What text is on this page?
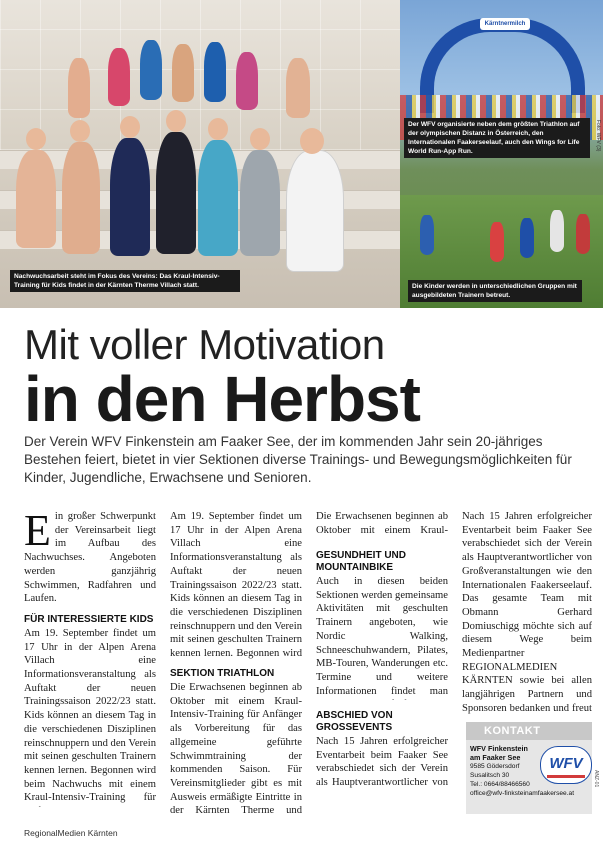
Nachwuchsarbeit steht im Fokus des Vereins: Das Kraul-Intensiv-Training für Kids findet in der Kärnten Therme Villach statt.
Kärntnermilch
Der WFV organisierte neben dem größten Triathlon auf der olympischen Distanz in Österreich, den Internationalen Faakerseelauf, auch den Wings for Life World Run-App Run.
Die Kinder werden in unterschiedlichen Gruppen mit ausgebildeten Trainern betreut.
Foto: WFV (3)
Mit voller Motivation
in den Herbst
Der Verein WFV Finkenstein am Faaker See, der im kommenden Jahr sein 20-jähriges Bestehen feiert, bietet in vier Sektionen diverse Trainings- und Bewegungsmöglichkeiten für Kinder, Jugendliche, Erwachsene und Senioren.

Ein großer Schwerpunkt der Vereinsarbeit liegt im Aufbau des Nachwuchses. Angeboten werden ganzjährig Schwimmen, Radfahren und Laufen.

FÜR INTERESSIERTE KIDS

Am 19. September findet um 17 Uhr in der Alpen Arena Villach eine Informationsveranstaltung als Auftakt der neuen Trainingssaison 2022/23 statt. Kids können an diesem Tag in die verschiedenen Disziplinen reinschnuppern und den Verein mit seinen geschulten Trainern kennen lernen. Begonnen wird beim Nachwuchs mit einem Kraul-Intensiv-Training für

Am 19. September findet um 17 Uhr in der Alpen Arena Villach eine Informationsveranstaltung als Auftakt der neuen Trainingssaison 2022/23 statt. Kids können an diesem Tag in die verschiedenen Disziplinen reinschnuppern und den Verein mit seinen geschulten Trainern kennen lernen. Begonnen wird

SEKTION TRIATHLON

Die Erwachsenen beginnen ab Oktober mit einem Kraul-Intensiv-Training für Anfänger als Vorbereitung für das allgemeine geführte Schwimmtraining der kommenden Saison. Für Vereinsmitglieder gibt es mit Ausweis ermäßigte Eintritte in der Kärnten Therme und

Die Erwachsenen beginnen ab Oktober mit einem Kraul-

GESUNDHEIT UND MOUNTAINBIKE

Auch in diesen beiden Sektionen werden gemeinsame Aktivitäten mit geschulten Trainern angeboten, wie Nordic Walking, Schneeschuhwandern, Pilates, MB-Touren, Wanderungen etc. Termine und weitere Informationen findet man

ABSCHIED VON GROSSEVENTS

Nach 15 Jahren erfolgreicher Eventarbeit beim Faaker See verabschiedet sich der Verein als Hauptverantwortlicher von

Nach 15 Jahren erfolgreicher Eventarbeit beim Faaker See verabschiedet sich der Verein als Hauptverantwortlicher von Großveranstaltungen wie den Internationalen Faakerseelauf. Das gesamte Team mit Obmann Gerhard Domiuschigg möchte sich auf diesem Wege beim Medienpartner REGIONALMEDIEN KÄRNTEN sowie bei allen langjährigen Partnern und Sponsoren bedanken und freut

KONTAKT
WFV Finkenstein
am Faaker See
9585 Gödersdorf
Susalitsch 30
Tel.: 0664/88466560
office@wfv-finksteinamfaakersee.at
WFV
RegionalMedien Kärnten
ANZ-01
